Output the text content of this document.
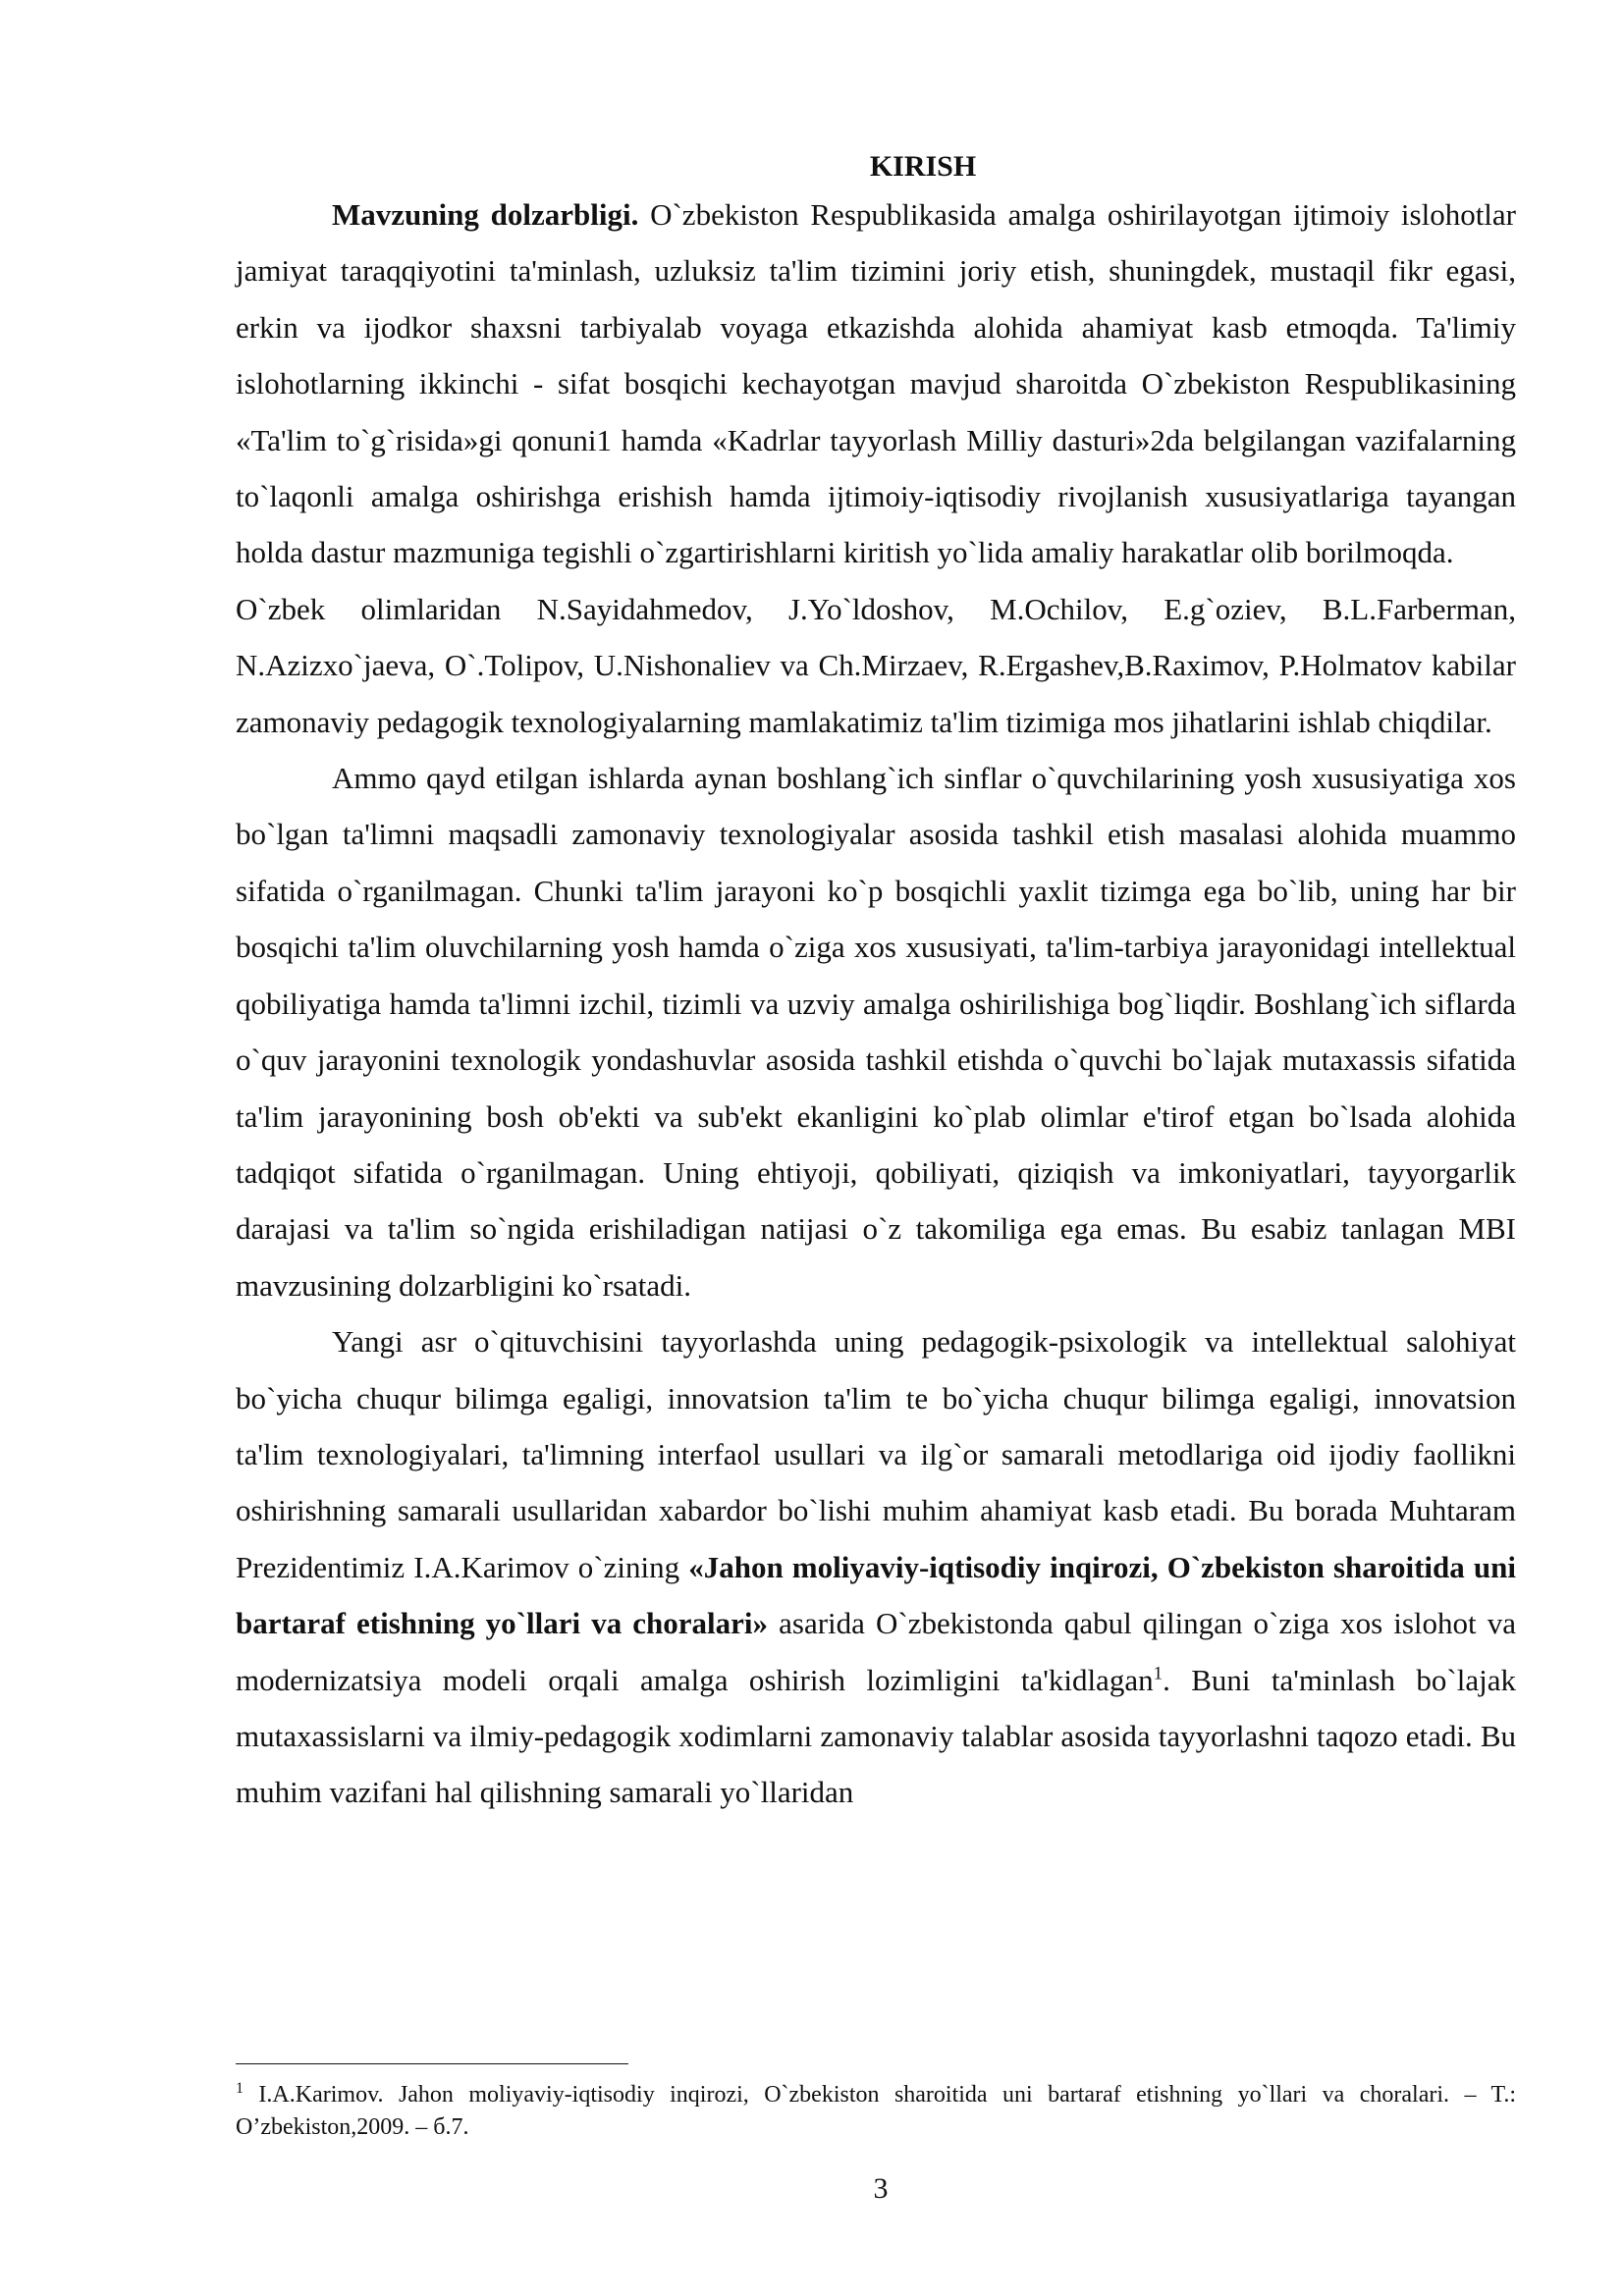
KIRISH

Mavzuning dolzarbligi. O`zbekiston Respublikasida amalga oshirilayotgan ijtimoiy islohotlar jamiyat taraqqiyotini ta'minlash, uzluksiz ta'lim tizimini joriy etish, shuningdek, mustaqil fikr egasi, erkin va ijodkor shaxsni tarbiyalab voyaga etkazishda alohida ahamiyat kasb etmoqda. Ta'limiy islohotlarning ikkinchi - sifat bosqichi kechayotgan mavjud sharoitda O`zbekiston Respublikasining «Ta'lim to`g`risida»gi qonuni1 hamda «Kadrlar tayyorlash Milliy dasturi»2da belgilangan vazifalarning to`laqonli amalga oshirishga erishish hamda ijtimoiy-iqtisodiy rivojlanish xususiyatlariga tayangan holda dastur mazmuniga tegishli o`zgartirishlarni kiritish yo`lida amaliy harakatlar olib borilmoqda.

O`zbek olimlaridan N.Sayidahmedov, J.Yo`ldoshov, M.Ochilov, E.g`oziev, B.L.Farberman, N.Azizxo`jaeva, O`.Tolipov, U.Nishonaliev va Ch.Mirzaev, R.Ergashev,B.Raximov, P.Holmatov kabilar zamonaviy pedagogik texnologiyalarning mamlakatimiz ta'lim tizimiga mos jihatlarini ishlab chiqdilar.

Ammo qayd etilgan ishlarda aynan boshlang`ich sinflar o`quvchilarining yosh xususiyatiga xos bo`lgan ta'limni maqsadli zamonaviy texnologiyalar asosida tashkil etish masalasi alohida muammo sifatida o`rganilmagan. Chunki ta'lim jarayoni ko`p bosqichli yaxlit tizimga ega bo`lib, uning har bir bosqichi ta'lim oluvchilarning yosh hamda o`ziga xos xususiyati, ta'lim-tarbiya jarayonidagi intellektual qobiliyatiga hamda ta'limni izchil, tizimli va uzviy amalga oshirilishiga bog`liqdir. Boshlang`ich siflarda o`quv jarayonini texnologik yondashuvlar asosida tashkil etishda o`quvchi bo`lajak mutaxassis sifatida ta'lim jarayonining bosh ob'ekti va sub'ekt ekanligini ko`plab olimlar e'tirof etgan bo`lsada alohida tadqiqot sifatida o`rganilmagan. Uning ehtiyoji, qobiliyati, qiziqish va imkoniyatlari, tayyorgarlik darajasi va ta'lim so`ngida erishiladigan natijasi o`z takomiliga ega emas. Bu esabiz tanlagan MBI mavzusining dolzarbligini ko`rsatadi.

Yangi asr o`qituvchisini tayyorlashda uning pedagogik-psixologik va intellektual salohiyat bo`yicha chuqur bilimga egaligi, innovatsion ta'lim te bo`yicha chuqur bilimga egaligi, innovatsion ta'lim texnologiyalari, ta'limning interfaol usullari va ilg`or samarali metodlariga oid ijodiy faollikni oshirishning samarali usullaridan xabardor bo`lishi muhim ahamiyat kasb etadi. Bu borada Muhtaram Prezidentimiz I.A.Karimov o`zining «Jahon moliyaviy-iqtisodiy inqirozi, O`zbekiston sharoitida uni bartaraf etishning yo`llari va choralari» asarida O`zbekistonda qabul qilingan o`ziga xos islohot va modernizatsiya modeli orqali amalga oshirish lozimligini ta'kidlagan$^1$. Buni ta'minlash bo`lajak mutaxassislarni va ilmiy-pedagogik xodimlarni zamonaviy talablar asosida tayyorlashni taqozo etadi. Bu muhim vazifani hal qilishning samarali yo`llaridan

$^1$ I.A.Karimov. Jahon moliyaviy-iqtisodiy inqirozi, O`zbekiston sharoitida uni bartaraf etishning yo`llari va choralari. – T.: O’zbekiston,2009. – б.7.

3
